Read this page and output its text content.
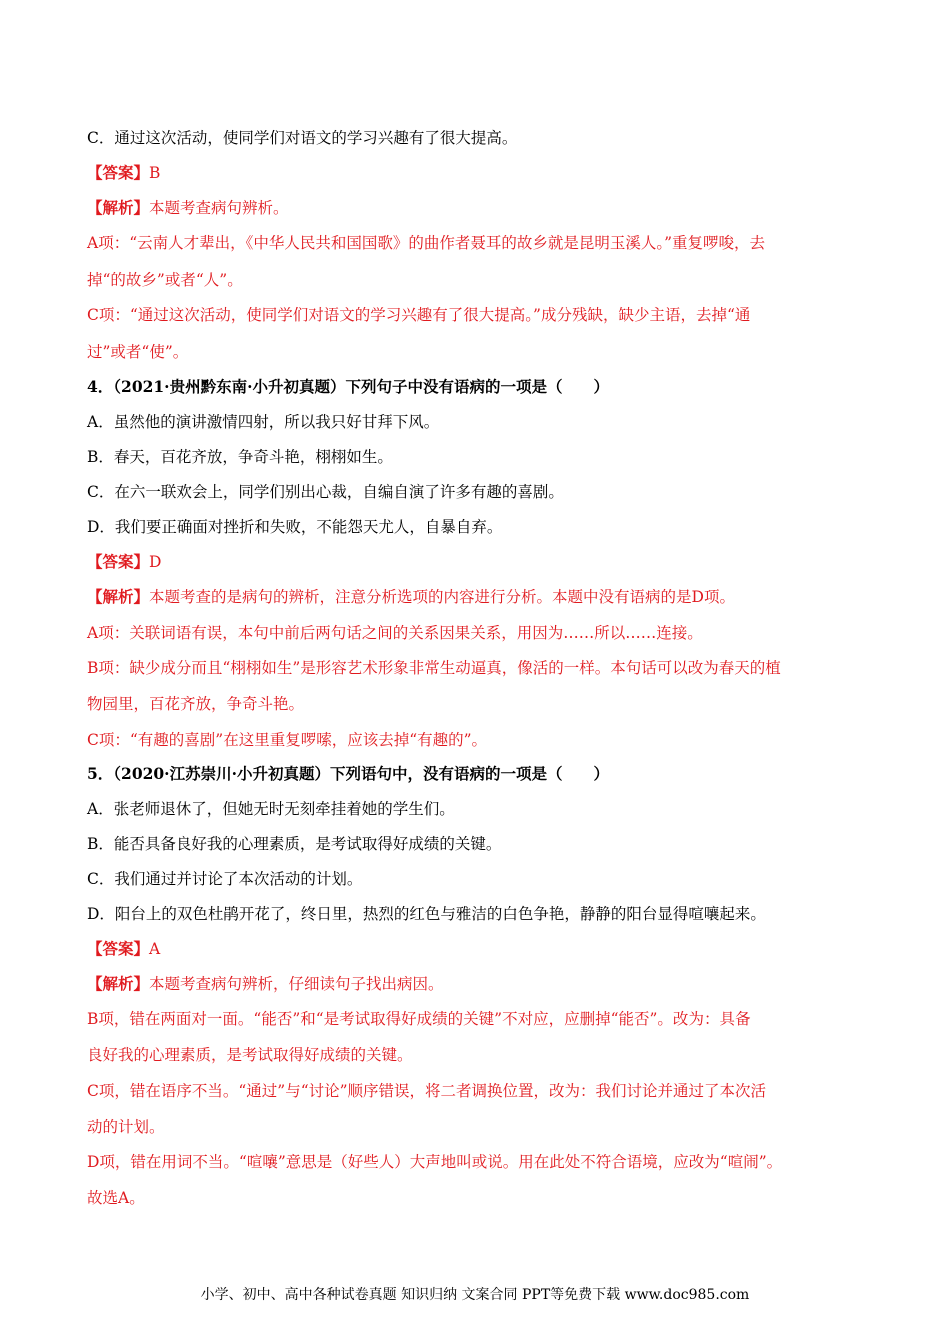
C．通过这次活动，使同学们对语文的学习兴趣有了很大提高。
【答案】B
【解析】本题考查病句辨析。
A项：“云南人才辈出，《中华人民共和国国歌》的曲作者聂耳的故乡就是昆明玉溪人。”重复啰唆，去
掉“的故乡”或者“人”。
C项：“通过这次活动，使同学们对语文的学习兴趣有了很大提高。”成分残缺，缺少主语，去掉“通
过”或者“使”。
4．（2021·贵州黔东南·小升初真题）下列句子中没有语病的一项是（　　）
A．虽然他的演讲激情四射，所以我只好甘拜下风。
B．春天，百花齐放，争奇斗艳，栩栩如生。
C．在六一联欢会上，同学们别出心裁，自编自演了许多有趣的喜剧。
D．我们要正确面对挫折和失败，不能怨天尤人，自暴自弃。
【答案】D
【解析】本题考查的是病句的辨析，注意分析选项的内容进行分析。本题中没有语病的是D项。
A项：关联词语有误，本句中前后两句话之间的关系因果关系，用因为……所以……连接。
B项：缺少成分而且“栩栩如生”是形容艺术形象非常生动逼真，像活的一样。本句话可以改为春天的植
物园里，百花齐放，争奇斗艳。
C项：“有趣的喜剧”在这里重复啰嗦，应该去掉“有趣的”。
5．（2020·江苏崇川·小升初真题）下列语句中，没有语病的一项是（　　）
A．张老师退休了，但她无时无刻牵挂着她的学生们。
B．能否具备良好我的心理素质，是考试取得好成绩的关键。
C．我们通过并讨论了本次活动的计划。
D．阳台上的双色杜鹃开花了，终日里，热烈的红色与雅洁的白色争艳，静静的阳台显得喧嚷起来。
【答案】A
【解析】本题考查病句辨析，仔细读句子找出病因。
B项，错在两面对一面。“能否”和“是考试取得好成绩的关键”不对应，应删掉“能否”。改为：具备
良好我的心理素质，是考试取得好成绩的关键。
C项，错在语序不当。“通过”与“讨论”顺序错误，将二者调换位置，改为：我们讨论并通过了本次活
动的计划。
D项，错在用词不当。“喧嚷”意思是（好些人）大声地叫或说。用在此处不符合语境，应改为“喧闹”。
故选A。
小学、初中、高中各种试卷真题 知识归纳 文案合同 PPT等免费下载 www.doc985.com
